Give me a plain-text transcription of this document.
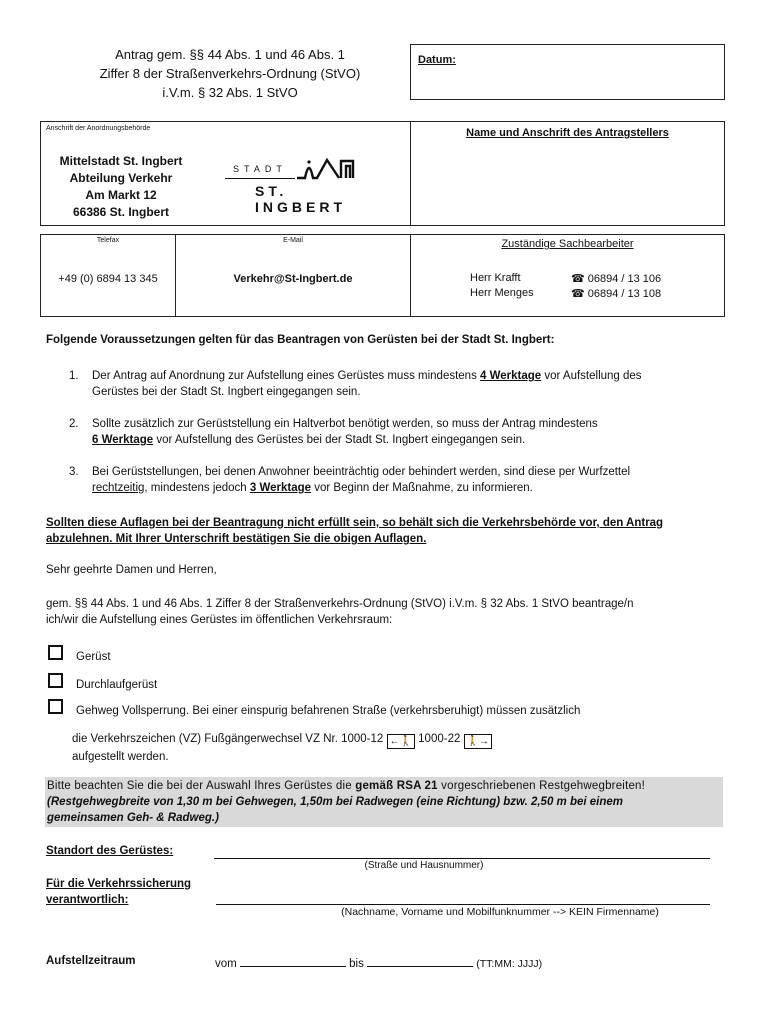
Antrag gem. §§ 44 Abs. 1 und 46 Abs. 1
Ziffer 8 der Straßenverkehrs-Ordnung (StVO)
i.V.m. § 32 Abs. 1 StVO
Datum:
Anschrift der Anordnungsbehörde
Mittelstadt St. Ingbert
Abteilung Verkehr
Am Markt 12
66386 St. Ingbert
STADT
ST. INGBERT
Name und Anschrift des Antragstellers
Telefax
+49 (0) 6894 13 345
E-Mail
Verkehr@St-Ingbert.de
Zuständige Sachbearbeiter
Herr Krafft	☎ 06894 / 13 106
Herr Menges	☎ 06894 / 13 108
Folgende Voraussetzungen gelten für das Beantragen von Gerüsten bei der Stadt St. Ingbert:
1. Der Antrag auf Anordnung zur Aufstellung eines Gerüstes muss mindestens 4 Werktage vor Aufstellung des
Gerüstes bei der Stadt St. Ingbert eingegangen sein.
2. Sollte zusätzlich zur Gerüststellung ein Haltverbot benötigt werden, so muss der Antrag mindestens
6 Werktage vor Aufstellung des Gerüstes bei der Stadt St. Ingbert eingegangen sein.
3. Bei Gerüststellungen, bei denen Anwohner beeinträchtig oder behindert werden, sind diese per Wurfzettel
rechtzeitig, mindestens jedoch 3 Werktage vor Beginn der Maßnahme, zu informieren.
Sollten diese Auflagen bei der Beantragung nicht erfüllt sein, so behält sich die Verkehrsbehörde vor, den Antrag
abzulehnen. Mit Ihrer Unterschrift bestätigen Sie die obigen Auflagen.
Sehr geehrte Damen und Herren,
gem. §§ 44 Abs. 1 und 46 Abs. 1 Ziffer 8 der Straßenverkehrs-Ordnung (StVO) i.V.m. § 32 Abs. 1 StVO beantrage/n
ich/wir die Aufstellung eines Gerüstes im öffentlichen Verkehrsraum:
Gerüst
Durchlaufgerüst
Gehweg Vollsperrung. Bei einer einspurig befahrenen Straße (verkehrsberuhigt) müssen zusätzlich
die Verkehrszeichen (VZ) Fußgängerwechsel VZ Nr. 1000-12 ←🚶 1000-22 🚶→
aufgestellt werden.
Bitte beachten Sie die bei der Auswahl Ihres Gerüstes die gemäß RSA 21 vorgeschriebenen Restgehwegbreiten!
(Restgehwegbreite von 1,30 m bei Gehwegen, 1,50m bei Radwegen (eine Richtung) bzw. 2,50 m bei einem
gemeinsamen Geh- & Radweg.)
Standort des Gerüstes:
(Straße und Hausnummer)
Für die Verkehrssicherung
verantwortlich:
(Nachname, Vorname und Mobilfunknummer --> KEIN Firmenname)
Aufstellzeitraum	vom	bis	(TT:MM: JJJJ)
